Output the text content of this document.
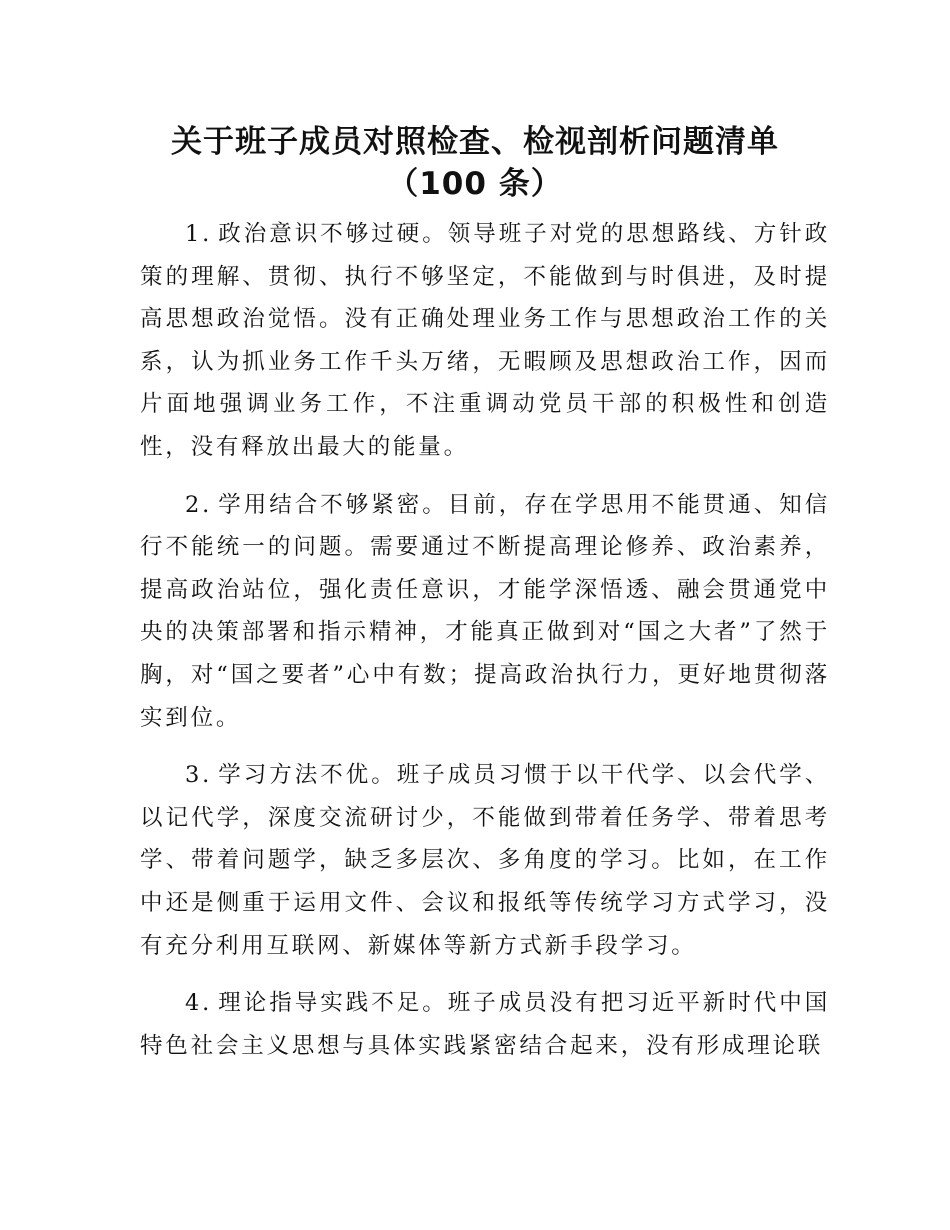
关于班子成员对照检查、检视剖析问题清单
（100 条）

1. 政治意识不够过硬。领导班子对党的思想路线、方针政策的理解、贯彻、执行不够坚定，不能做到与时俱进，及时提高思想政治觉悟。没有正确处理业务工作与思想政治工作的关系，认为抓业务工作千头万绪，无暇顾及思想政治工作，因而片面地强调业务工作，不注重调动党员干部的积极性和创造性，没有释放出最大的能量。

2. 学用结合不够紧密。目前，存在学思用不能贯通、知信行不能统一的问题。需要通过不断提高理论修养、政治素养，提高政治站位，强化责任意识，才能学深悟透、融会贯通党中央的决策部署和指示精神，才能真正做到对“国之大者”了然于胸，对“国之要者”心中有数；提高政治执行力，更好地贯彻落实到位。

3. 学习方法不优。班子成员习惯于以干代学、以会代学、以记代学，深度交流研讨少，不能做到带着任务学、带着思考学、带着问题学，缺乏多层次、多角度的学习。比如，在工作中还是侧重于运用文件、会议和报纸等传统学习方式学习，没有充分利用互联网、新媒体等新方式新手段学习。

4. 理论指导实践不足。班子成员没有把习近平新时代中国特色社会主义思想与具体实践紧密结合起来，没有形成理论联
